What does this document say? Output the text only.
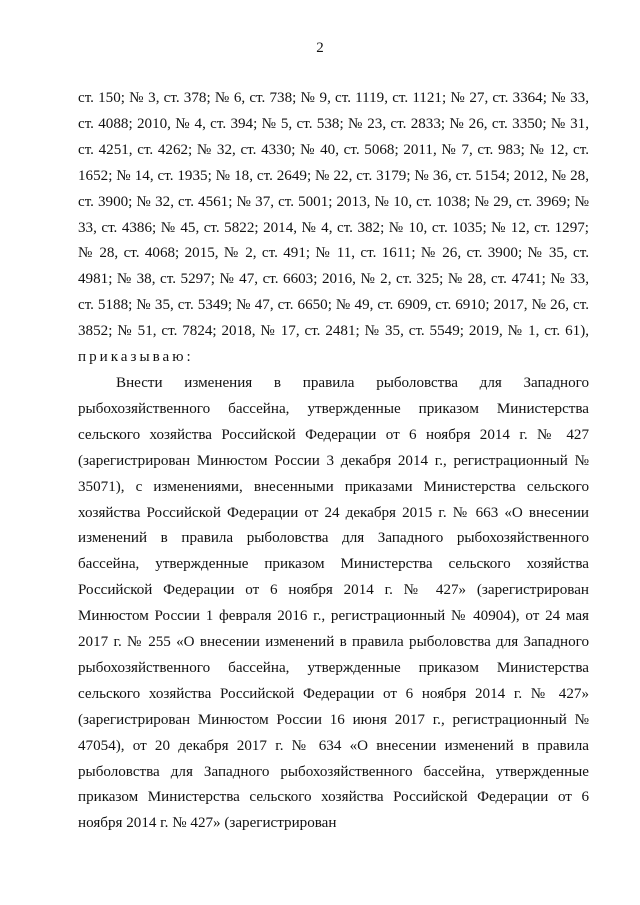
2

ст. 150; № 3, ст. 378; № 6, ст. 738; № 9, ст. 1119, ст. 1121; № 27, ст. 3364; № 33, ст. 4088; 2010, № 4, ст. 394; № 5, ст. 538; № 23, ст. 2833; № 26, ст. 3350; № 31, ст. 4251, ст. 4262; № 32, ст. 4330; № 40, ст. 5068; 2011, № 7, ст. 983; № 12, ст. 1652; № 14, ст. 1935; № 18, ст. 2649; № 22, ст. 3179; № 36, ст. 5154; 2012, № 28, ст. 3900; № 32, ст. 4561; № 37, ст. 5001; 2013, № 10, ст. 1038; № 29, ст. 3969; № 33, ст. 4386; № 45, ст. 5822; 2014, № 4, ст. 382; № 10, ст. 1035; № 12, ст. 1297; № 28, ст. 4068; 2015, № 2, ст. 491; № 11, ст. 1611; № 26, ст. 3900; № 35, ст. 4981; № 38, ст. 5297; № 47, ст. 6603; 2016, № 2, ст. 325; № 28, ст. 4741; № 33, ст. 5188; № 35, ст. 5349; № 47, ст. 6650; № 49, ст. 6909, ст. 6910; 2017, № 26, ст. 3852; № 51, ст. 7824; 2018, № 17, ст. 2481; № 35, ст. 5549; 2019, № 1, ст. 61), приказываю:

Внести изменения в правила рыболовства для Западного рыбохозяйственного бассейна, утвержденные приказом Министерства сельского хозяйства Российской Федерации от 6 ноября 2014 г. № 427 (зарегистрирован Минюстом России 3 декабря 2014 г., регистрационный № 35071), с изменениями, внесенными приказами Министерства сельского хозяйства Российской Федерации от 24 декабря 2015 г. № 663 «О внесении изменений в правила рыболовства для Западного рыбохозяйственного бассейна, утвержденные приказом Министерства сельского хозяйства Российской Федерации от 6 ноября 2014 г. № 427» (зарегистрирован Минюстом России 1 февраля 2016 г., регистрационный № 40904), от 24 мая 2017 г. № 255 «О внесении изменений в правила рыболовства для Западного рыбохозяйственного бассейна, утвержденные приказом Министерства сельского хозяйства Российской Федерации от 6 ноября 2014 г. № 427» (зарегистрирован Минюстом России 16 июня 2017 г., регистрационный № 47054), от 20 декабря 2017 г. № 634 «О внесении изменений в правила рыболовства для Западного рыбохозяйственного бассейна, утвержденные приказом Министерства сельского хозяйства Российской Федерации от 6 ноября 2014 г. № 427» (зарегистрирован
